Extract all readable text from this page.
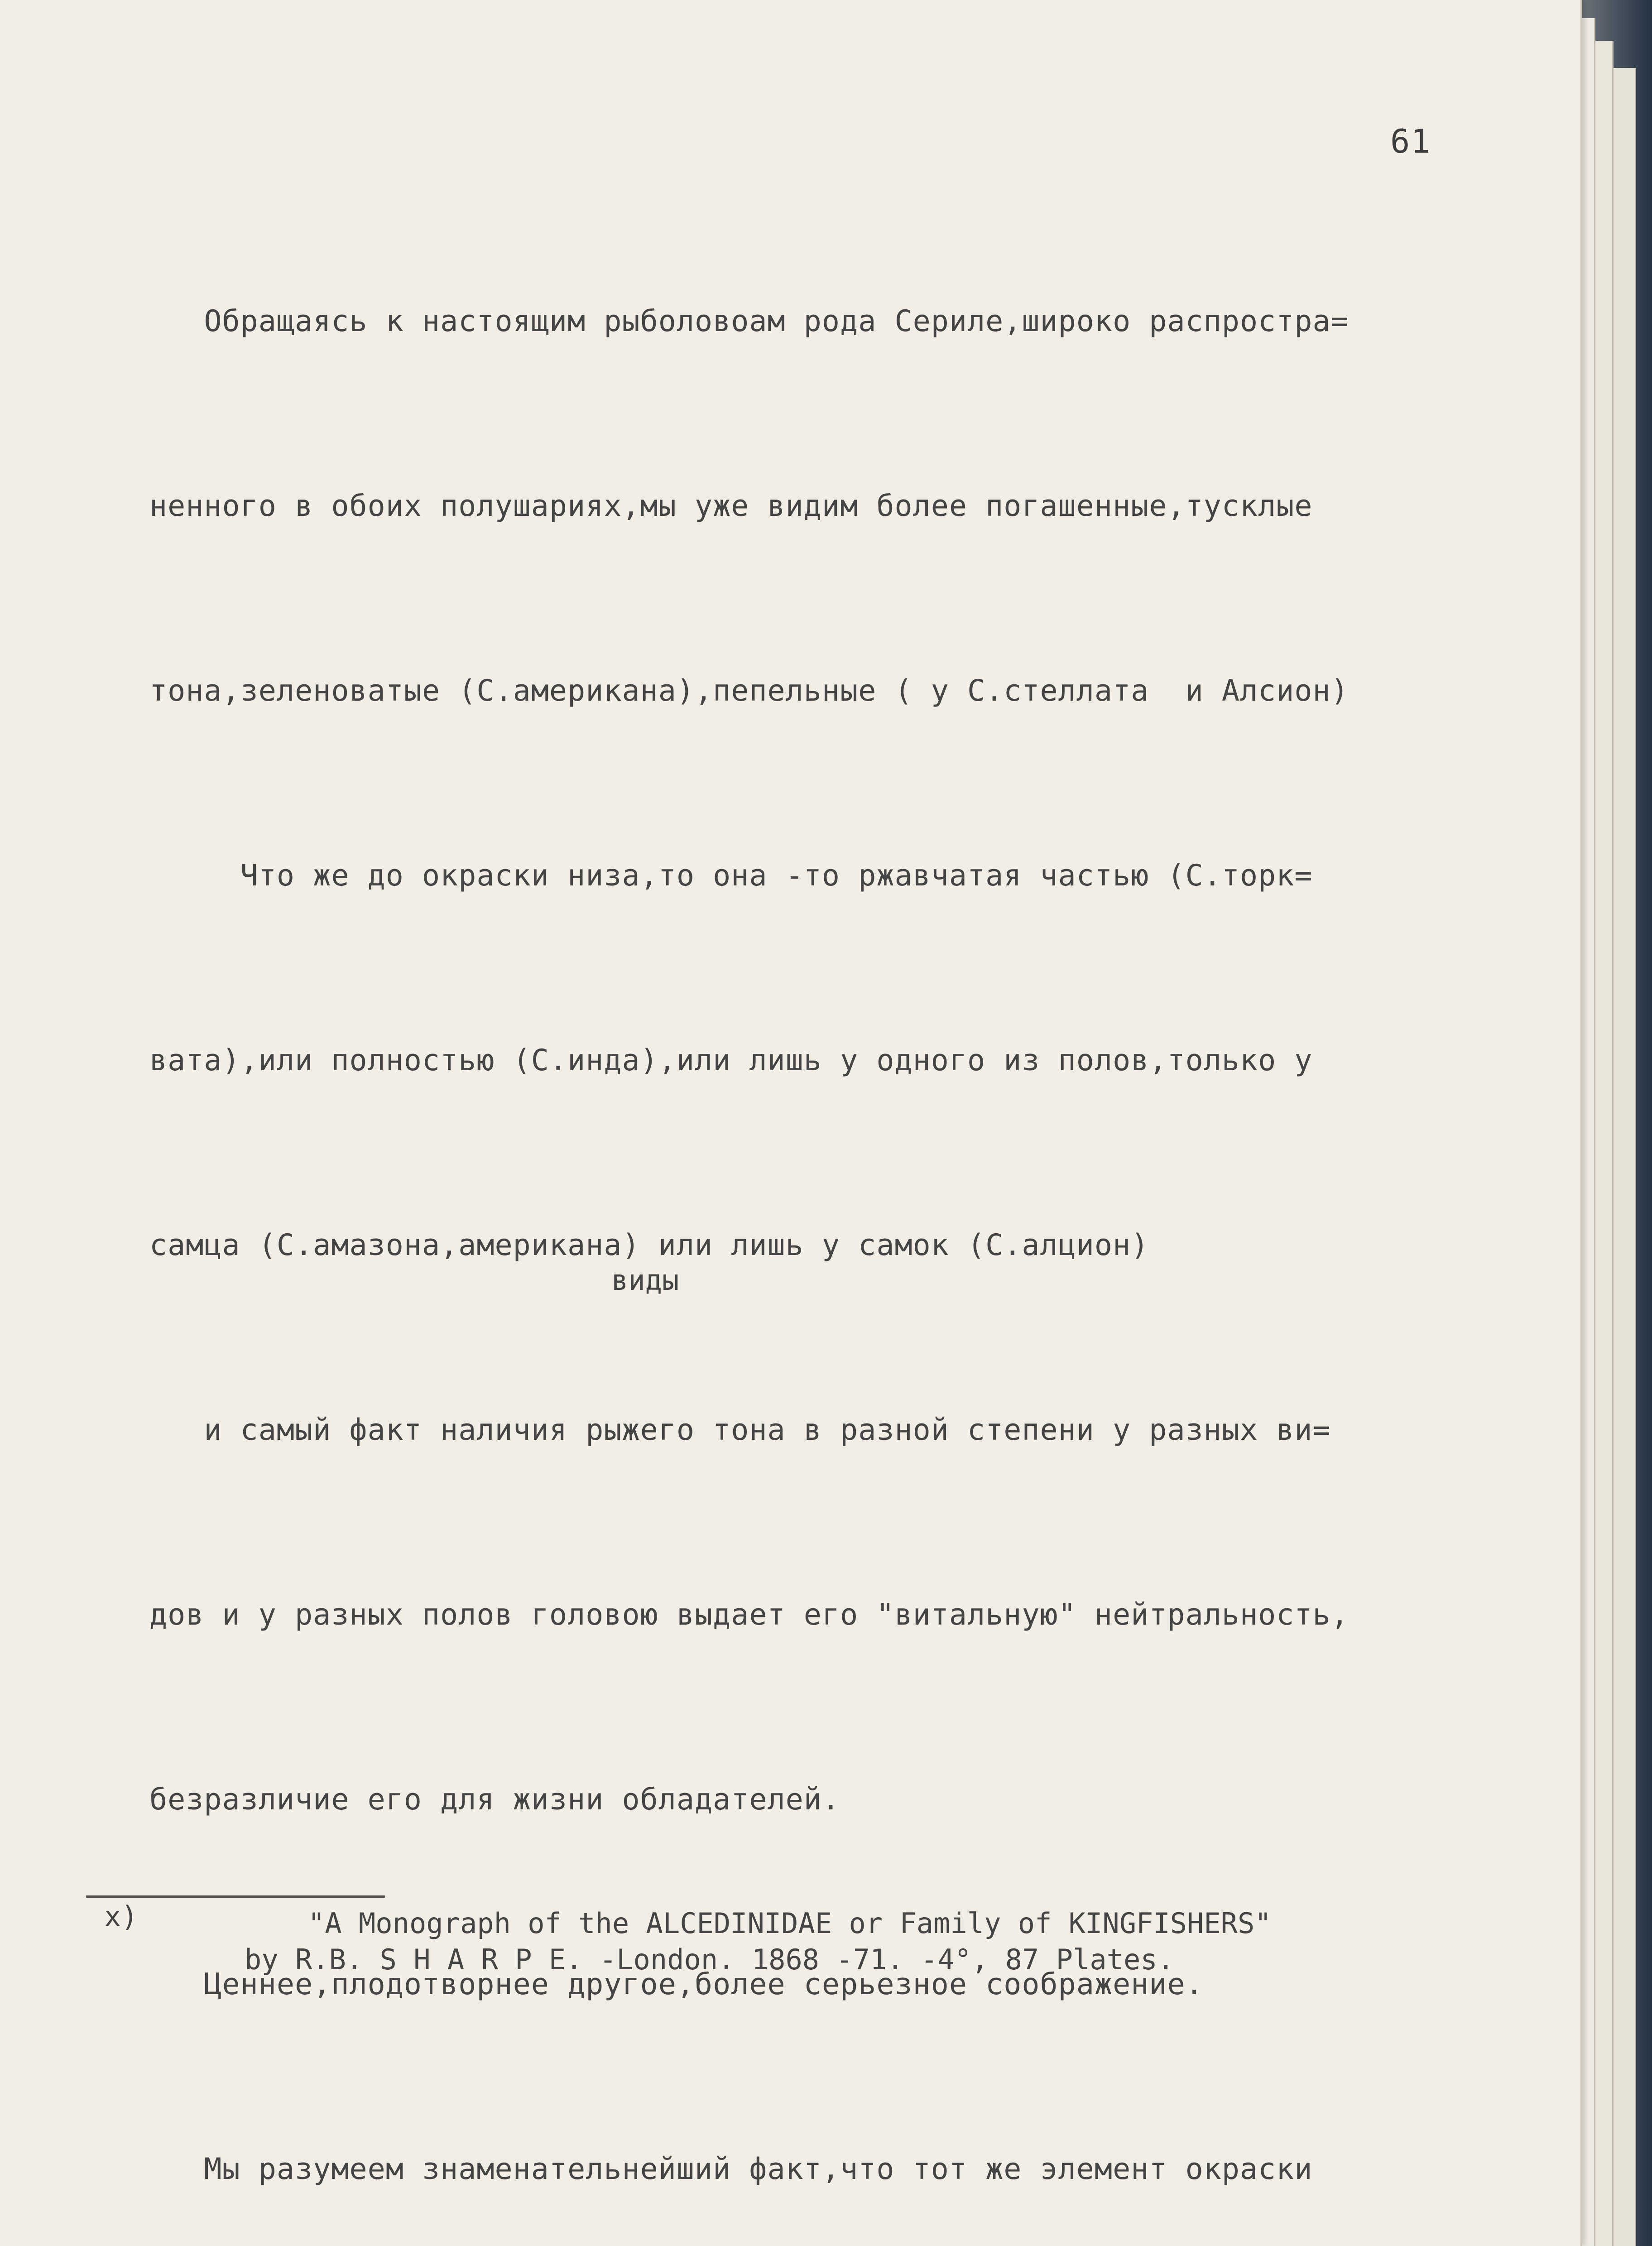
61

Обращаясь к настоящим рыболовоам рода Сериле,широко распростра=

ненного в обоих полушариях,мы уже видим более погашенные,тусклые

тона,зеленоватые (С.американа),пепельные ( у С.стеллата  и Алсион)

Что же до окраски низа,то она -то ржавчатая частью (С.торк=

вата),или полностью (С.инда),или лишь у одного из полов,только у

самца (С.амазона,американа) или лишь у самок (С.алцион)

и самый факт наличия рыжего тона в разной степени у разных ви=

дов и у разных полов головою выдает его "витальную" нейтральность,

безразличие его для жизни обладателей.

Ценнее,плодотворнее другое,более серьезное соображение.

Мы разумеем знаменательнейший факт,что тот же элемент окраски

виды
x)	"A Monograph of the ALCEDINIDAE or Family of KINGFISHERS"
by R.B. S H A R P E. -London. 1868 -71. -4°, 87 Plates.
